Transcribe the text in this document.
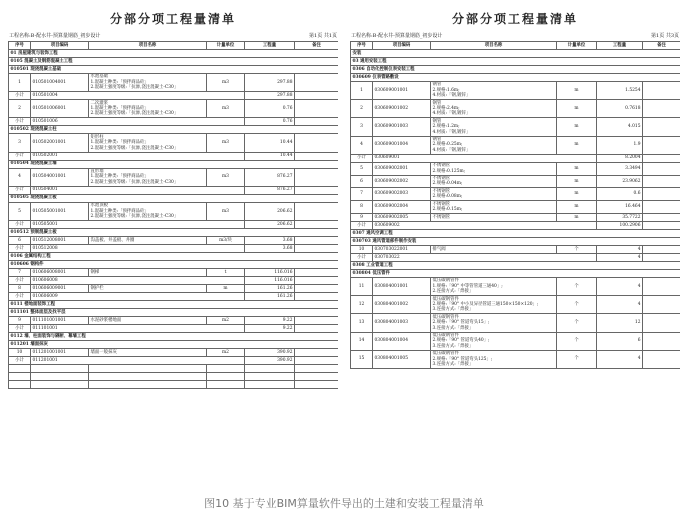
分部分项工程量清单
工程名称:B-配水井-预算量钢筋_初步设计	第1页 共1页
序号	项目编码	项目名称	计量单位	工程量	备注
01 房屋建筑与装饰工程					
0105 混凝土及钢筋混凝土工程					
010501 现浇混凝土基础					
1	010501004001	水池基础
1.混凝土种类:「预拌商品砼」
2.混凝土强度等级:「抗渗,浇注混凝土-C30」	m3	297.88	
小计	010501004			297.88	
2	010501006001	二次灌浆
1.混凝土种类:「预拌商品砼」
2.混凝土强度等级:「抗渗,浇注混凝土-C30」	m3	0.76	
小计	010501006			0.76	
010502 现浇混凝土柱					
3	010502001001	矩形柱
1.混凝土种类:「预拌商品砼」
2.混凝土强度等级:「抗渗,浇注混凝土-C30」	m3	10.44	
小计	010502001			10.44	
010504 现浇混凝土墙					
4	010504001001	直形墙
1.混凝土种类:「预拌商品砼」
2.混凝土强度等级:「抗渗,浇注混凝土-C30」	m3	876.27	
小计	010504001			876.27	
010505 现浇混凝土板					
5	010505001001	水池顶板
1.混凝土种类:「预拌商品砼」
2.混凝土强度等级:「抗渗,浇注混凝土-C30」	m3	206.62	
小计	010505001			206.62	
010512 预制混凝土板					
6	010512008001	沟盖板、井盖板、井圈	m3/块	3.68	
小计	010512008			3.68	
0106 金属结构工程					
010606 钢构件					
7	010606008001	钢梯	t	116.016	
小计	010606008			116.016	
8	010606009001	钢护栏	m	161.26	
小计	010606009			161.26	
0111 楼地面装饰工程					
011101 整体面层及找平层					
9	011101001001	水泥砂浆楼地面	m2	9.22	
小计	011101001			9.22	
0112 墙、柱面装饰与隔断、幕墙工程					
011201 墙面抹灰					
10	011201001001	墙面一般抹灰	m2	390.92	
小计	011201001			390.92	

分部分项工程量清单
工程名称:B-配水井-预算量钢筋_初步设计	第1页 共3页
序号	项目编码	项目名称	计量单位	工程量	备注
安装					
03 通用安装工程					
0306 自动化控制仪表安装工程					
030609 仪表管路敷设					
1	030609001001	钢管
2.规格:1.6m;
4.材质:「钢,镀锌」	m	1.5254	
2	030609001002	钢管
2.规格:2.4m;
4.材质:「钢,镀锌」	m	0.7618	
3	030609001003	钢管
2.规格:1.2m;
4.材质:「钢,镀锌」	m	4.015	
4	030609001004	钢管
2.规格:0.25m;
4.材质:「钢,镀锌」	m	1.9	
小计	030609001			8.2004	
5	030609002001	不锈钢管
2.规格:0.125m;	m	3.3494	
6	030609002002	不锈钢管
2.规格:0.04m;	m	23.9062	
7	030609002003	不锈钢管
2.规格:0.08m;	m	0.6	
8	030609002004	不锈钢管
2.规格:0.15m;	m	16.464	
9	030609002005	不锈钢管	m	35.7722	
小计	030609002			100.2906	
0307 通风空调工程					
030703 通风管道部件制作安装					
10	030703022001	排气阀	个	4	
小计	030703022			4	
0308 工业管道工程					
030804 低压管件					
11	030804001001	低压碳钢管件
1.规格:「90° 中等管管道三通40」;
2.连接方式:「焊接」	个	4	
12	030804001002	低压碳钢管件
2.规格:「90° 中小及异径管道三通150×150×120」;
3.连接方式:「焊接」	个	4	
13	030804001003	低压碳钢管件
2.规格:「90° 管道弯头15」;
3.连接方式:「焊接」	个	12	
14	030804001004	低压碳钢管件
2.规格:「90° 管道弯头40」;
3.连接方式:「焊接」	个	6	
15	030804001005	低压碳钢管件
2.规格:「90° 管道弯头125」;
3.连接方式:「焊接」	个	4	
图10 基于专业BIM算量软件导出的土建和安装工程量清单
